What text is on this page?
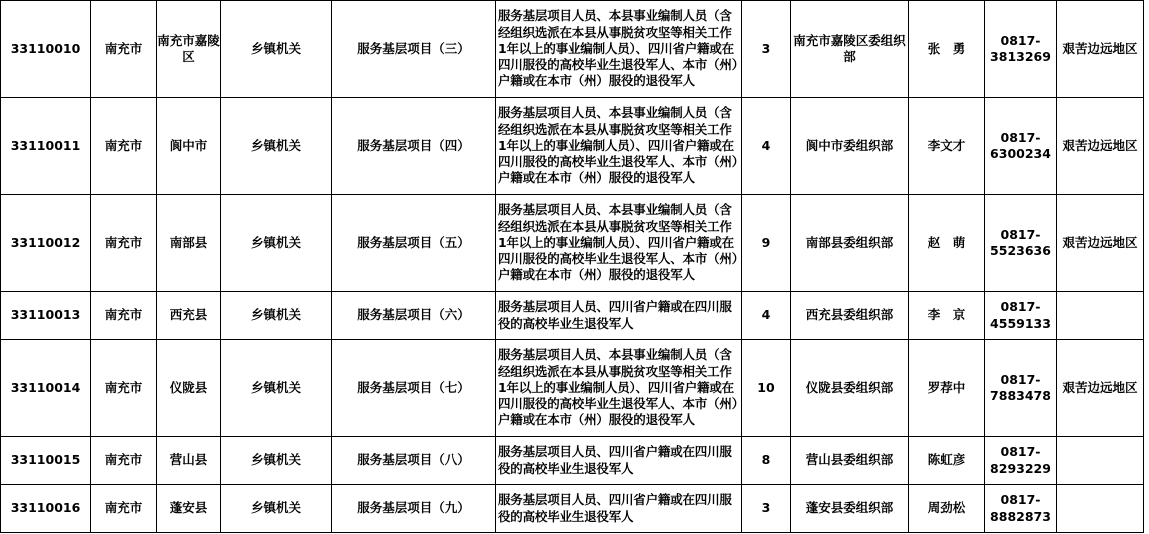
33110010	南充市	南充市嘉陵区	乡镇机关	服务基层项目（三）	服务基层项目人员、本县事业编制人员（含经组织选派在本县从事脱贫攻坚等相关工作1年以上的事业编制人员）、四川省户籍或在四川服役的高校毕业生退役军人、本市（州）户籍或在本市（州）服役的退役军人	3	南充市嘉陵区委组织部	张　勇	0817-3813269	艰苦边远地区
33110011	南充市	阆中市	乡镇机关	服务基层项目（四）	服务基层项目人员、本县事业编制人员（含经组织选派在本县从事脱贫攻坚等相关工作1年以上的事业编制人员）、四川省户籍或在四川服役的高校毕业生退役军人、本市（州）户籍或在本市（州）服役的退役军人	4	阆中市委组织部	李文才	0817-6300234	艰苦边远地区
33110012	南充市	南部县	乡镇机关	服务基层项目（五）	服务基层项目人员、本县事业编制人员（含经组织选派在本县从事脱贫攻坚等相关工作1年以上的事业编制人员）、四川省户籍或在四川服役的高校毕业生退役军人、本市（州）户籍或在本市（州）服役的退役军人	9	南部县委组织部	赵　萌	0817-5523636	艰苦边远地区
33110013	南充市	西充县	乡镇机关	服务基层项目（六）	服务基层项目人员、四川省户籍或在四川服役的高校毕业生退役军人	4	西充县委组织部	李　京	0817-4559133	
33110014	南充市	仪陇县	乡镇机关	服务基层项目（七）	服务基层项目人员、本县事业编制人员（含经组织选派在本县从事脱贫攻坚等相关工作1年以上的事业编制人员）、四川省户籍或在四川服役的高校毕业生退役军人、本市（州）户籍或在本市（州）服役的退役军人	10	仪陇县委组织部	罗荐中	0817-7883478	艰苦边远地区
33110015	南充市	营山县	乡镇机关	服务基层项目（八）	服务基层项目人员、四川省户籍或在四川服役的高校毕业生退役军人	8	营山县委组织部	陈虹彦	0817-8293229	
33110016	南充市	蓬安县	乡镇机关	服务基层项目（九）	服务基层项目人员、四川省户籍或在四川服役的高校毕业生退役军人	3	蓬安县委组织部	周劲松	0817-8882873	
